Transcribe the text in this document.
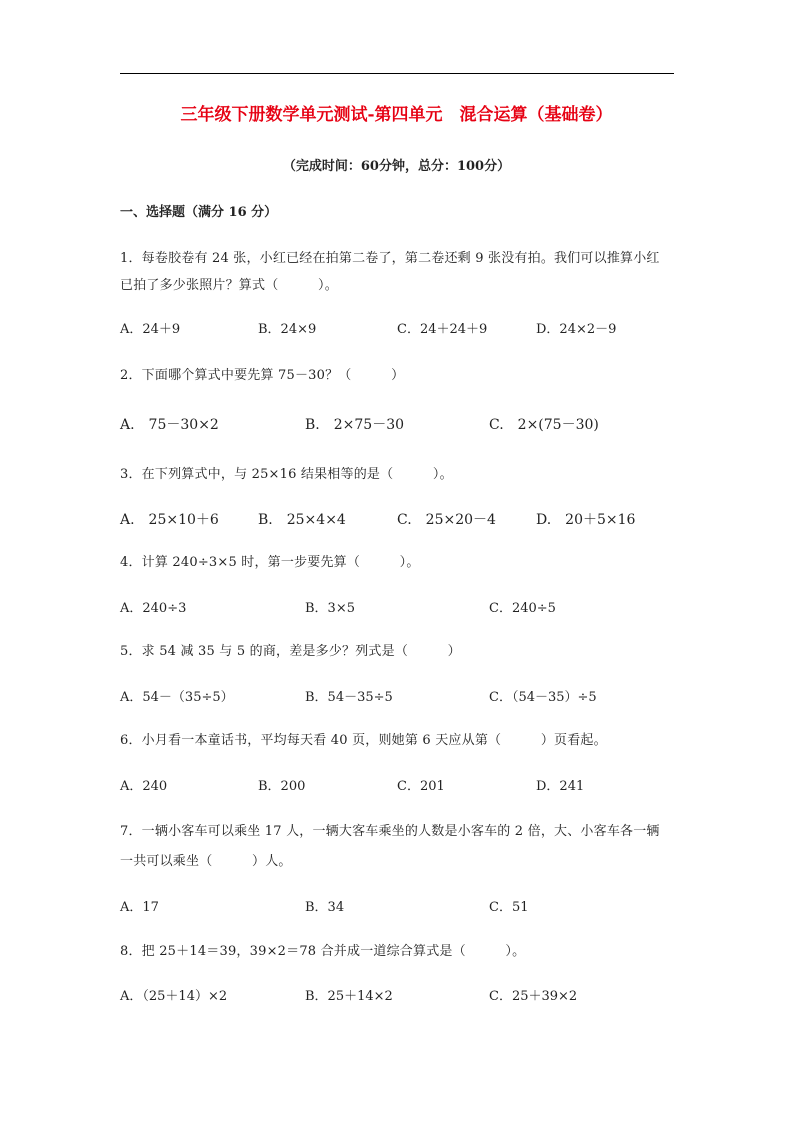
三年级下册数学单元测试-第四单元　混合运算（基础卷）
（完成时间：60分钟，总分：100分）
一、选择题（满分 16 分）
1．每卷胶卷有 24 张，小红已经在拍第二卷了，第二卷还剩 9 张没有拍。我们可以推算小红
已拍了多少张照片？算式（　　　）。
A．24＋9	B．24×9	C．24＋24＋9	D．24×2－9
2．下面哪个算式中要先算 75－30？（　　　）
A.　75－30×2	B.　2×75－30	C.　2×(75－30)
3．在下列算式中，与 25×16 结果相等的是（　　　）。
A.　25×10＋6	B.　25×4×4	C.　25×20－4	D.　20＋5×16
4．计算 240÷3×5 时，第一步要先算（　　　）。
A．240÷3	B．3×5	C．240÷5
5．求 54 减 35 与 5 的商，差是多少？列式是（　　　）
A．54－（35÷5）	B．54－35÷5	C．（54－35）÷5
6．小月看一本童话书，平均每天看 40 页，则她第 6 天应从第（　　　）页看起。
A．240	B．200	C．201	D．241
7．一辆小客车可以乘坐 17 人，一辆大客车乘坐的人数是小客车的 2 倍，大、小客车各一辆
一共可以乘坐（　　　）人。
A．17	B．34	C．51
8．把 25＋14＝39，39×2＝78 合并成一道综合算式是（　　　）。
A．（25＋14）×2	B．25＋14×2	C．25＋39×2
